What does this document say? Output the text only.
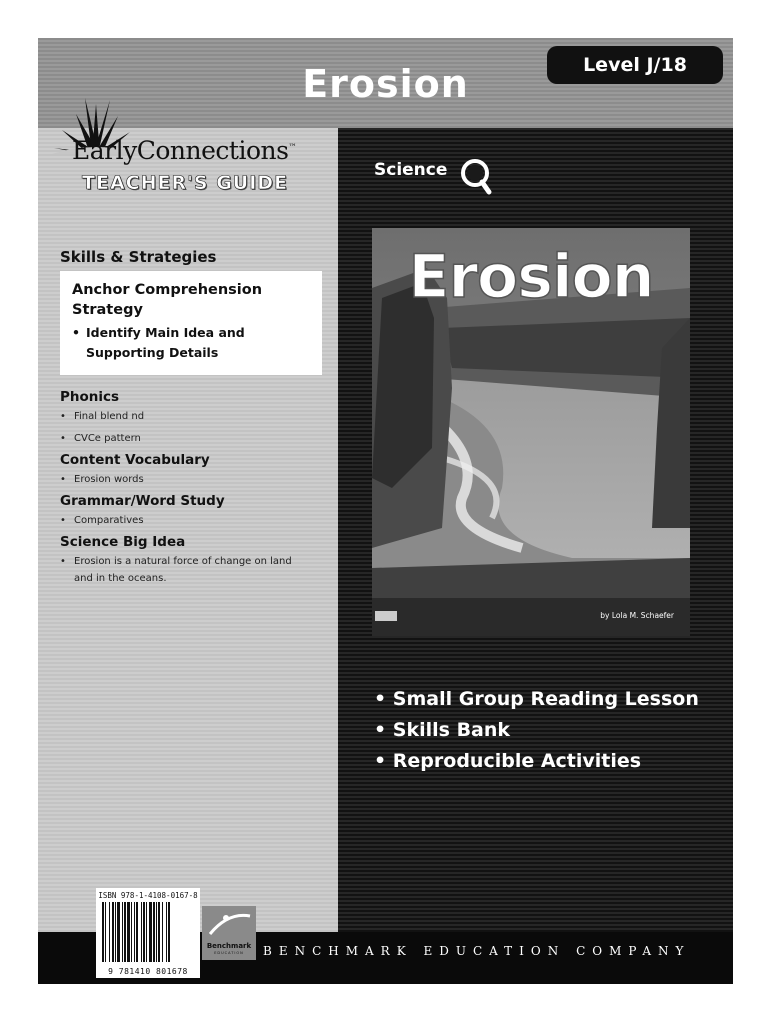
Level J/18
Erosion
EarlyConnections™
TEACHER'S GUIDE
Skills & Strategies
Anchor Comprehension Strategy
• Identify Main Idea and Supporting Details
Phonics
• Final blend nd
• CVCe pattern
Content Vocabulary
• Erosion words
Grammar/Word Study
• Comparatives
Science Big Idea
• Erosion is a natural force of change on land and in the oceans.
Science
Erosion
by Lola M. Schaefer
• Small Group Reading Lesson
• Skills Bank
• Reproducible Activities
ISBN 978-1-4108-0167-8
9 781410 801678
Benchmark
EDUCATION	BENCHMARK EDUCATION COMPANY
